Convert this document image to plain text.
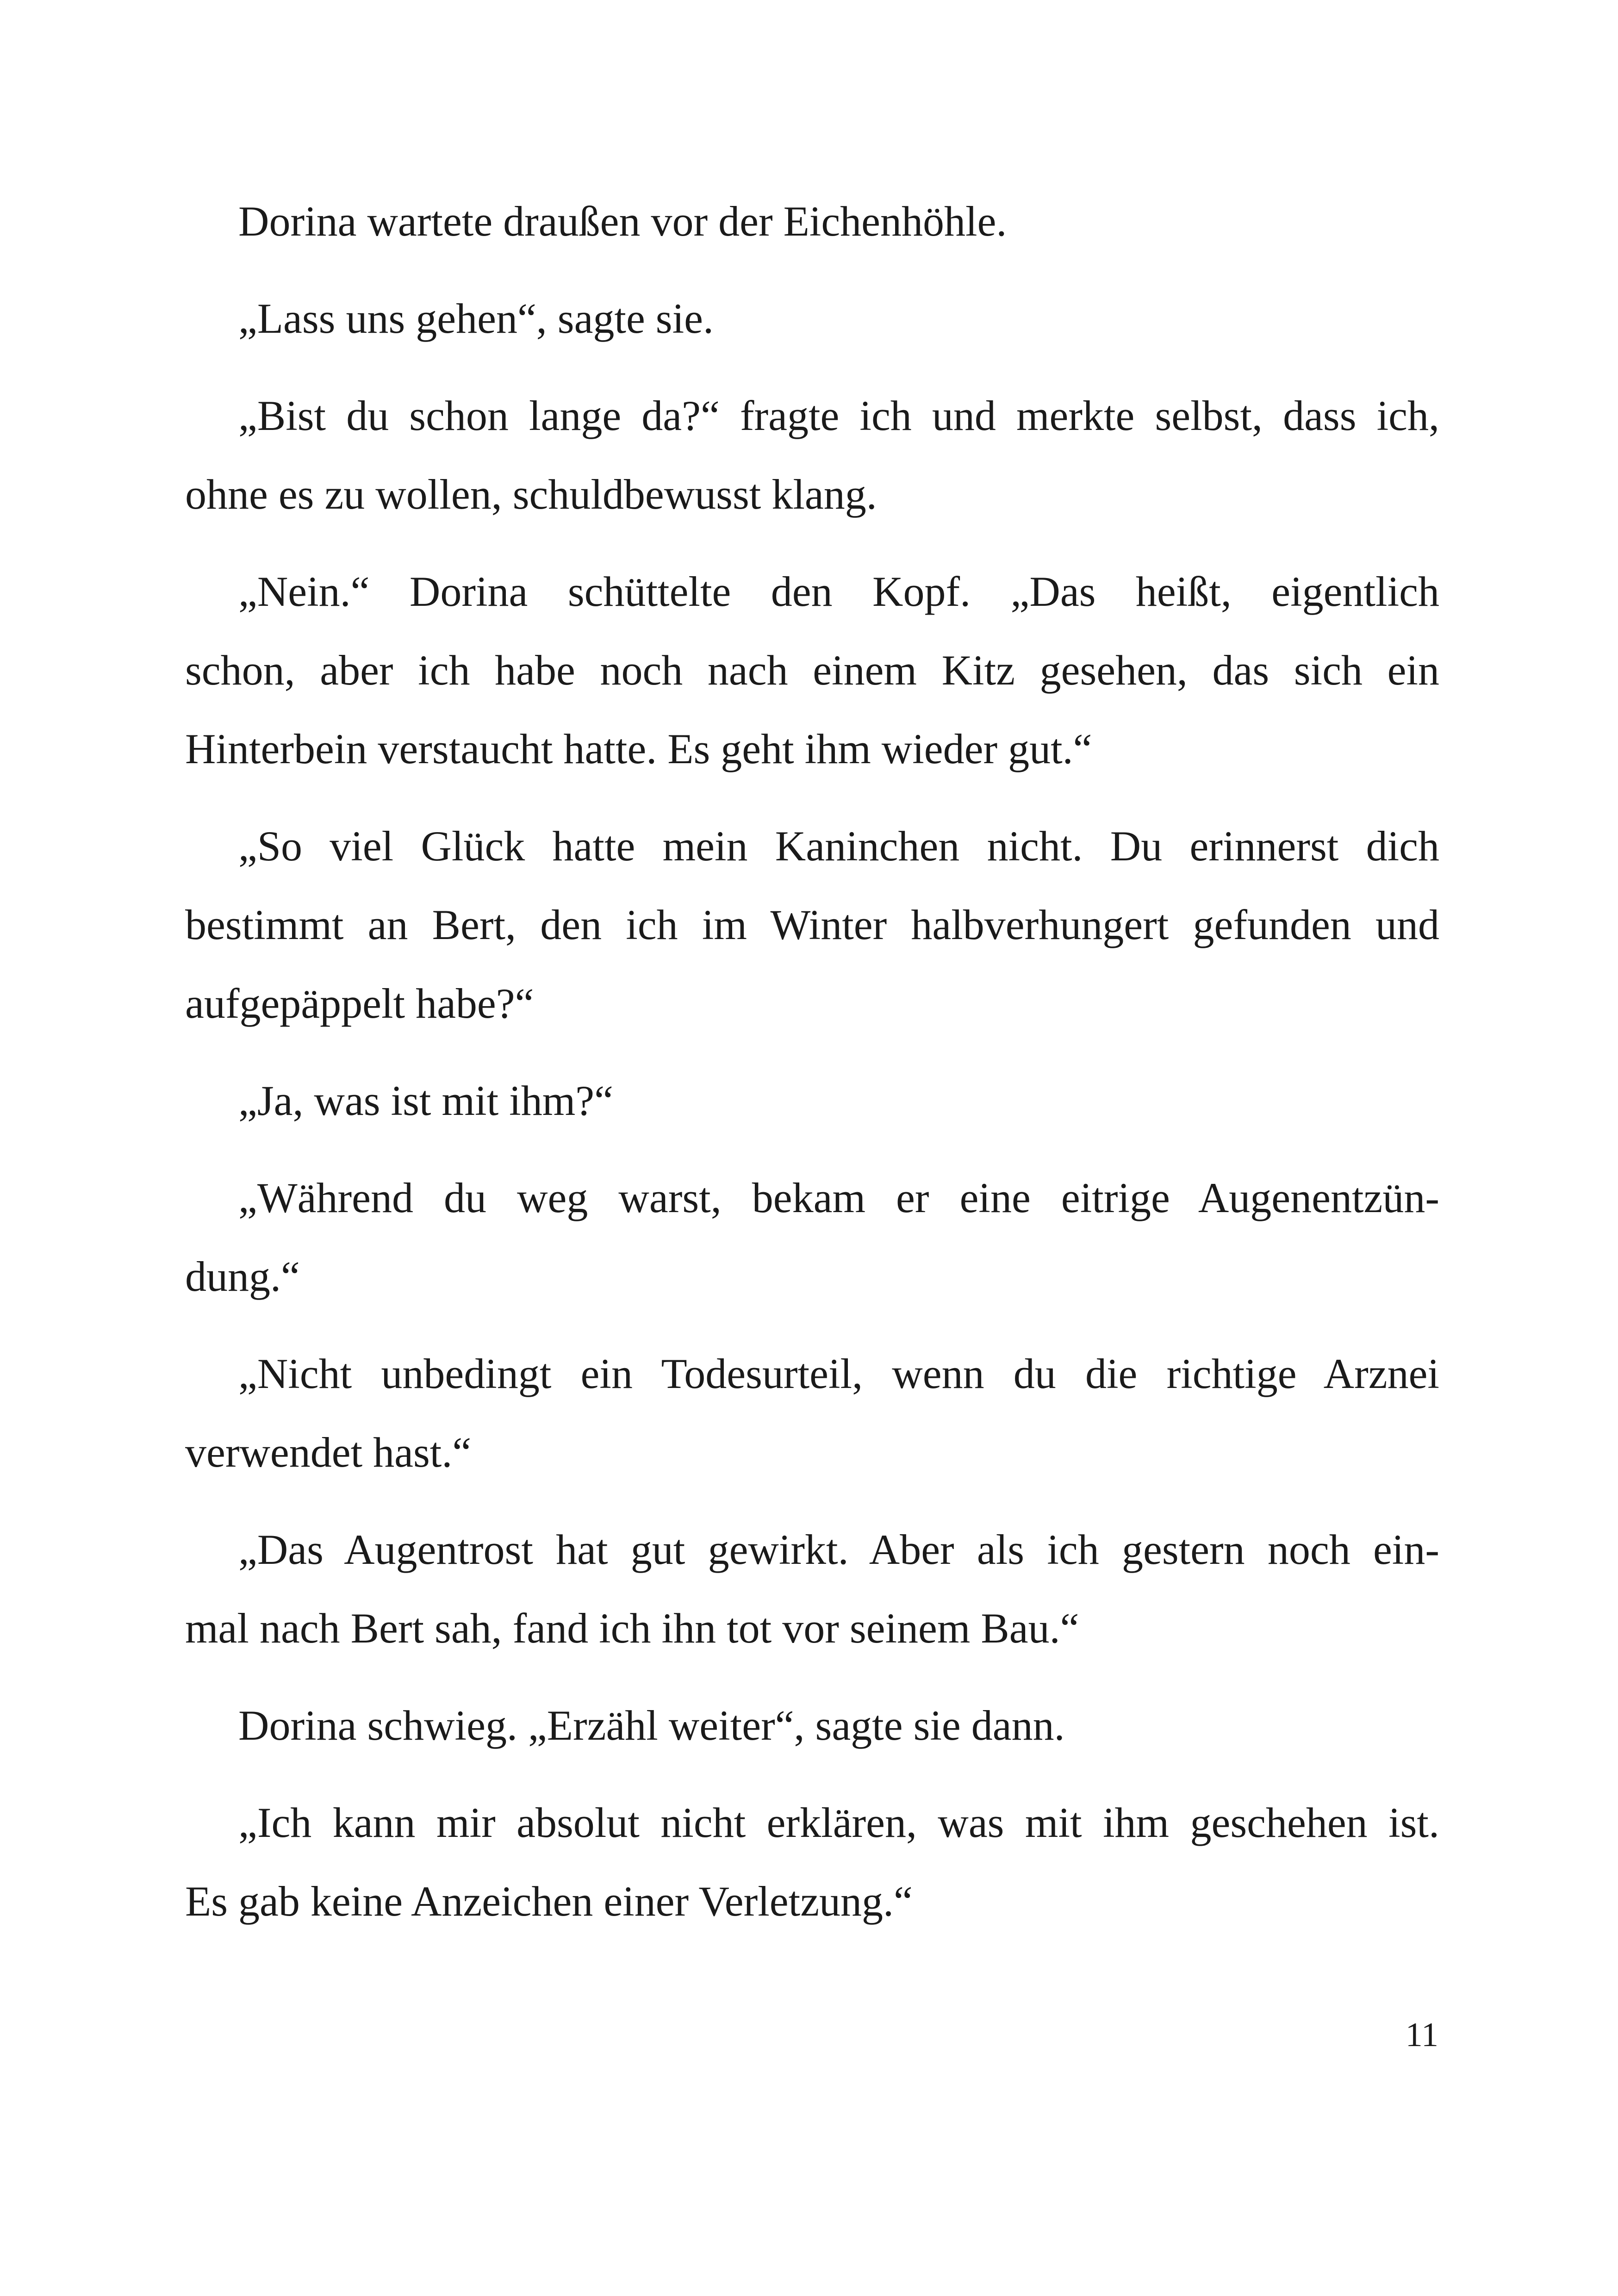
Dorina wartete draußen vor der Eichenhöhle.
„Lass uns gehen“, sagte sie.
„Bist du schon lange da?“ fragte ich und merkte selbst, dass ich,
ohne es zu wollen, schuldbewusst klang.
„Nein.“ Dorina schüttelte den Kopf. „Das heißt, eigentlich
schon, aber ich habe noch nach einem Kitz gesehen, das sich ein
Hinterbein verstaucht hatte. Es geht ihm wieder gut.“
„So viel Glück hatte mein Kaninchen nicht. Du erinnerst dich
bestimmt an Bert, den ich im Winter halbverhungert gefunden und
aufgepäppelt habe?“
„Ja, was ist mit ihm?“
„Während du weg warst, bekam er eine eitrige Augenentzün-
dung.“
„Nicht unbedingt ein Todesurteil, wenn du die richtige Arznei
verwendet hast.“
„Das Augentrost hat gut gewirkt. Aber als ich gestern noch ein-
mal nach Bert sah, fand ich ihn tot vor seinem Bau.“
Dorina schwieg. „Erzähl weiter“, sagte sie dann.
„Ich kann mir absolut nicht erklären, was mit ihm geschehen ist.
Es gab keine Anzeichen einer Verletzung.“
11
